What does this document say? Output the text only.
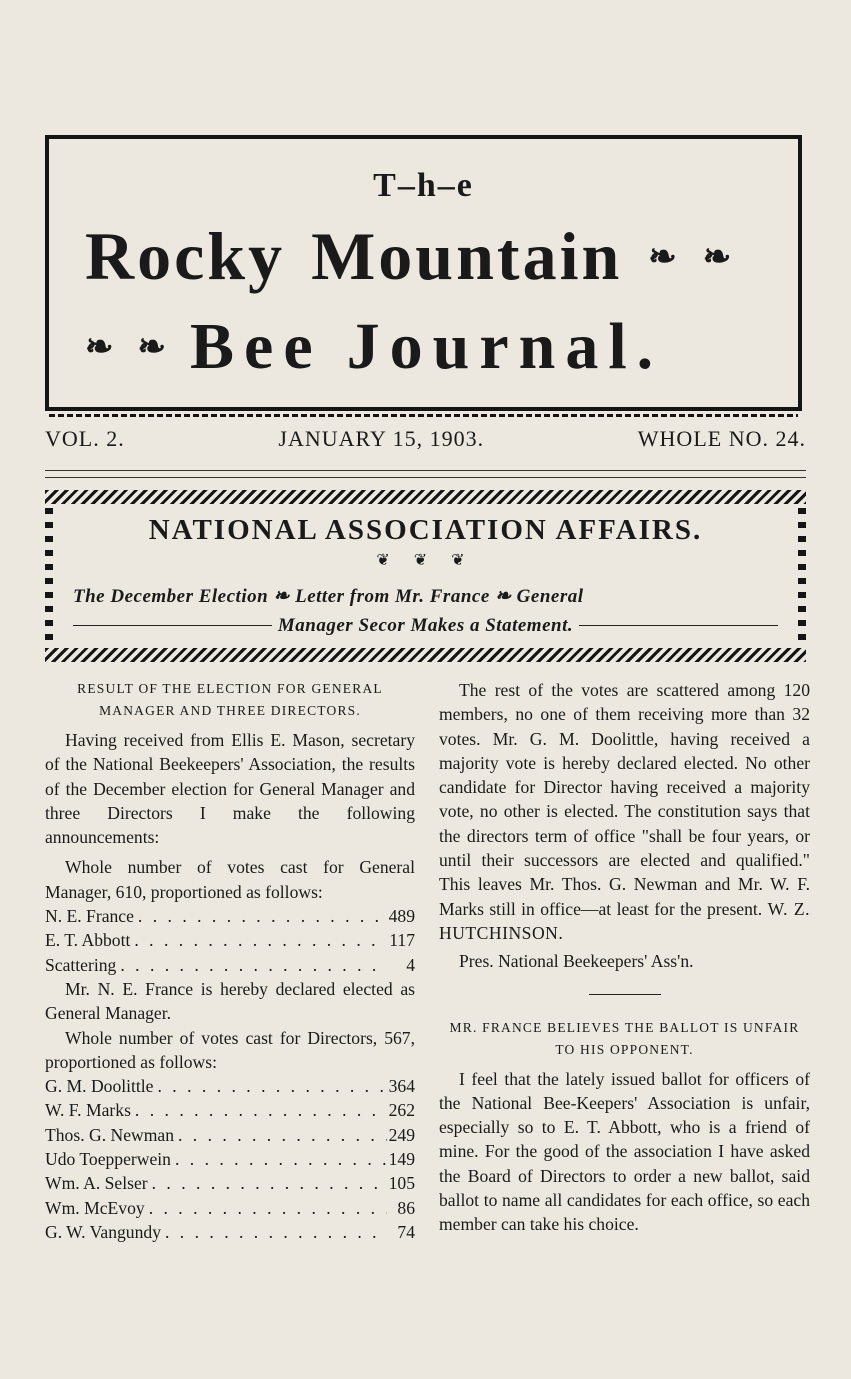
T–h–e
Rocky Mountain ❧ ❧
❧ ❧ Bee Journal.
VOL. 2.	JANUARY 15, 1903.	WHOLE NO. 24.
NATIONAL ASSOCIATION AFFAIRS.
❦ ❦ ❦
The December Election ❧ Letter from Mr. France ❧ General
Manager Secor Makes a Statement.
RESULT OF THE ELECTION FOR GENERAL MANAGER AND THREE DIRECTORS.

Having received from Ellis E. Mason, secretary of the National Beekeepers' Association, the results of the December election for General Manager and three Directors I make the following announcements:

Whole number of votes cast for General Manager, 610, proportioned as follows:

N. E. France . . .	489
E. T. Abbott . . .	117
Scattering . . .	4

Mr. N. E. France is hereby declared elected as General Manager.

Whole number of votes cast for Directors, 567, proportioned as follows:

G. M. Doolittle . . .	364
W. F. Marks . . .	262
Thos. G. Newman . . .	249
Udo Toepperwein . . .	149
Wm. A. Selser . . .	105
Wm. McEvoy . . .	86
G. W. Vangundy . . .	74

The rest of the votes are scattered among 120 members, no one of them receiving more than 32 votes. Mr. G. M. Doolittle, having received a majority vote is hereby declared elected. No other candidate for Director having received a majority vote, no other is elected. The constitution says that the directors term of office "shall be four years, or until their successors are elected and qualified." This leaves Mr. Thos. G. Newman and Mr. W. F. Marks still in office—at least for the present. W. Z. HUTCHINSON.

Pres. National Beekeepers' Ass'n.

MR. FRANCE BELIEVES THE BALLOT IS UNFAIR TO HIS OPPONENT.

I feel that the lately issued ballot for officers of the National Bee-Keepers' Association is unfair, especially so to E. T. Abbott, who is a friend of mine. For the good of the association I have asked the Board of Directors to order a new ballot, said ballot to name all candidates for each office, so each member can take his choice.
